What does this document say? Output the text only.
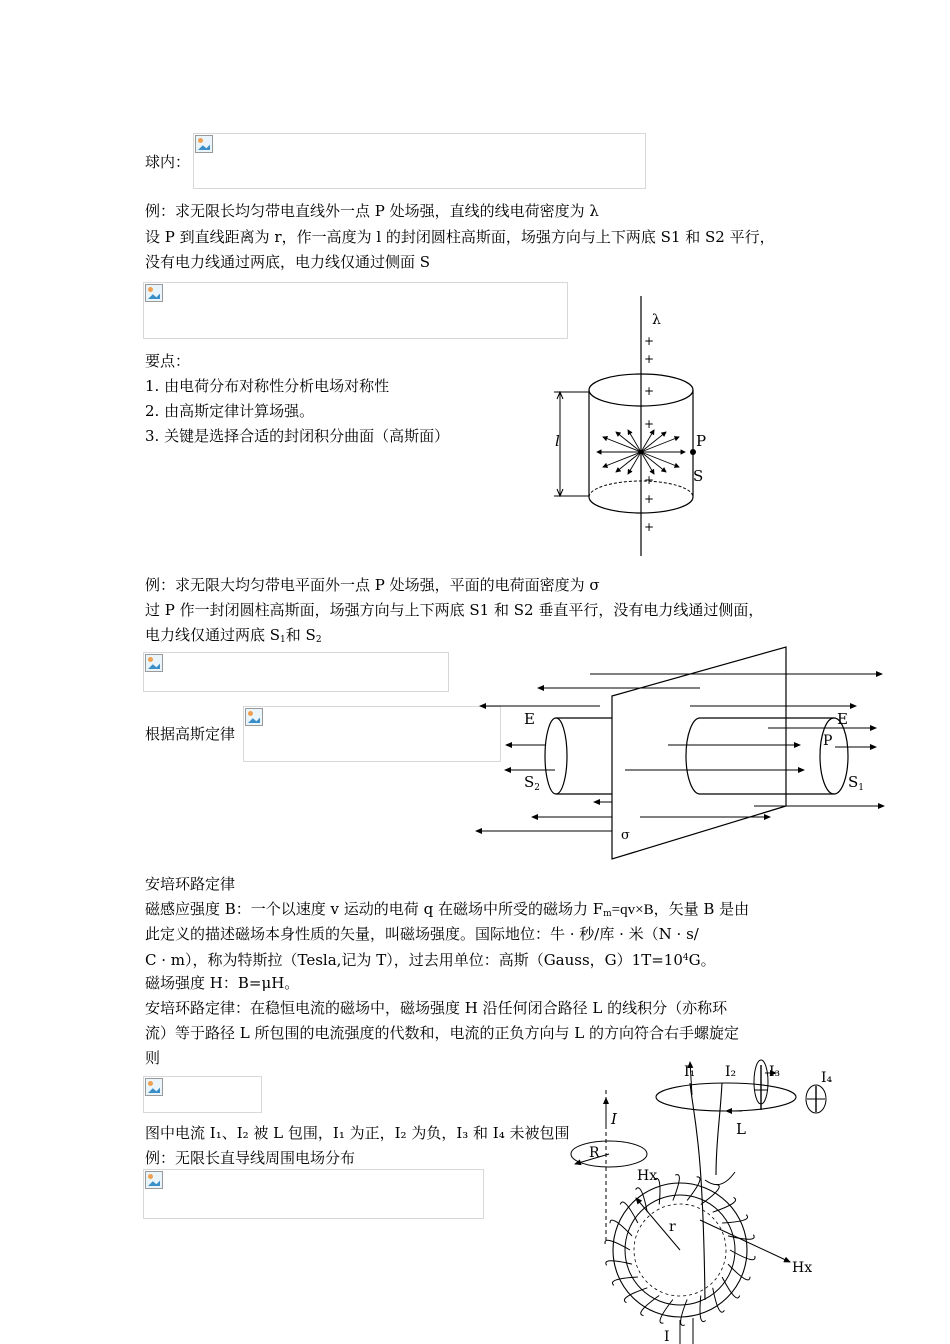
球内：
例：求无限长均匀带电直线外一点 P 处场强，直线的线电荷密度为 λ
设 P 到直线距离为 r，作一高度为 l 的封闭圆柱高斯面，场强方向与上下两底 S1 和 S2 平行，
没有电力线通过两底，电力线仅通过侧面 S
要点：
1. 由电荷分布对称性分析电场对称性
2. 由高斯定律计算场强。
3. 关键是选择合适的封闭积分曲面（高斯面）
λ
+
+
+
+
+
+
+
l	P
S
例：求无限大均匀带电平面外一点 P 处场强，平面的电荷面密度为 σ
过 P 作一封闭圆柱高斯面，场强方向与上下两底 S1 和 S2 垂直平行，没有电力线通过侧面，
电力线仅通过两底 $S_1$和 $S_2$
根据高斯定律
E	E
P
$S_2$	$S_1$
σ
安培环路定律
磁感应强度 B：一个以速度 v 运动的电荷 q 在磁场中所受的磁场力 $F_m=qv\times B$，矢量 B 是由
此定义的描述磁场本身性质的矢量，叫磁场强度。国际地位：牛 · 秒/库 · 米（N · s/
C · m），称为特斯拉（Tesla,记为 T），过去用单位：高斯（Gauss，$G)1T=10^4G$。
磁场强度 H：B=μH。
安培环路定律：在稳恒电流的磁场中，磁场强度 H 沿任何闭合路径 L 的线积分（亦称环
流）等于路径 L 所包围的电流强度的代数和，电流的正负方向与 L 的方向符合右手螺旋定
则
图中电流 I₁、I₂ 被 L 包围，I₁ 为正，I₂ 为负，I₃ 和 I₄ 未被包围
例：无限长直导线周围电场分布
I₁ I₂ I₃	I₄
L
I
R
Hx
r
Hx
I
